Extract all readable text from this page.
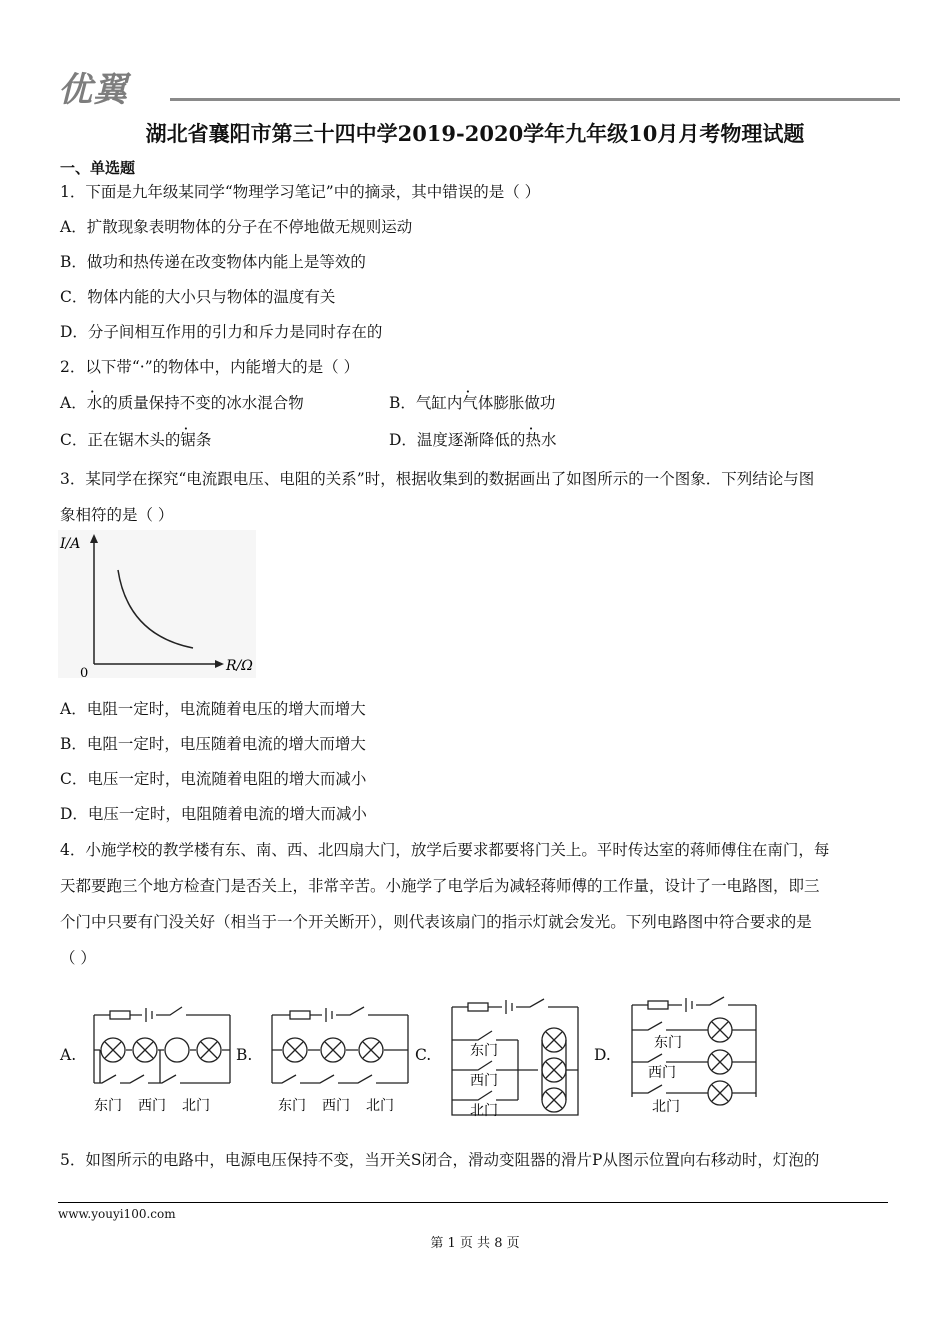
优翼
湖北省襄阳市第三十四中学2019-2020学年九年级10月月考物理试题
一、单选题
1．下面是九年级某同学“物理学习笔记”中的摘录，其中错误的是（ ）
A．扩散现象表明物体的分子在不停地做无规则运动
B．做功和热传递在改变物体内能上是等效的
C．物体内能的大小只与物体的温度有关
D．分子间相互作用的引力和斥力是同时存在的
2．以下带“·”的物体中，内能增大的是（ ）
A．水的质量保持不变的冰水混合物	B．气缸内气体膨胀做功
C．正在锯木头的锯条	D．温度逐渐降低的热水
3．某同学在探究“电流跟电压、电阻的关系”时，根据收集到的数据画出了如图所示的一个图象．下列结论与图
象相符的是（ ）
I/A
R/Ω
0
A．电阻一定时，电流随着电压的增大而增大
B．电阻一定时，电压随着电流的增大而增大
C．电压一定时，电流随着电阻的增大而减小
D．电压一定时，电阻随着电流的增大而减小
4．小施学校的教学楼有东、南、西、北四扇大门，放学后要求都要将门关上。平时传达室的蒋师傅住在南门，每
天都要跑三个地方检查门是否关上，非常辛苦。小施学了电学后为减轻蒋师傅的工作量，设计了一电路图，即三
个门中只要有门没关好（相当于一个开关断开），则代表该扇门的指示灯就会发光。下列电路图中符合要求的是
（ ）
A.	B.	C.	D.
东门 西门 北门	东门 西门 北门
东门
西门
北门
东门
西门
北门
5．如图所示的电路中，电源电压保持不变，当开关S闭合，滑动变阻器的滑片P从图示位置向右移动时，灯泡的
www.youyi100.com
第 1 页 共 8 页
